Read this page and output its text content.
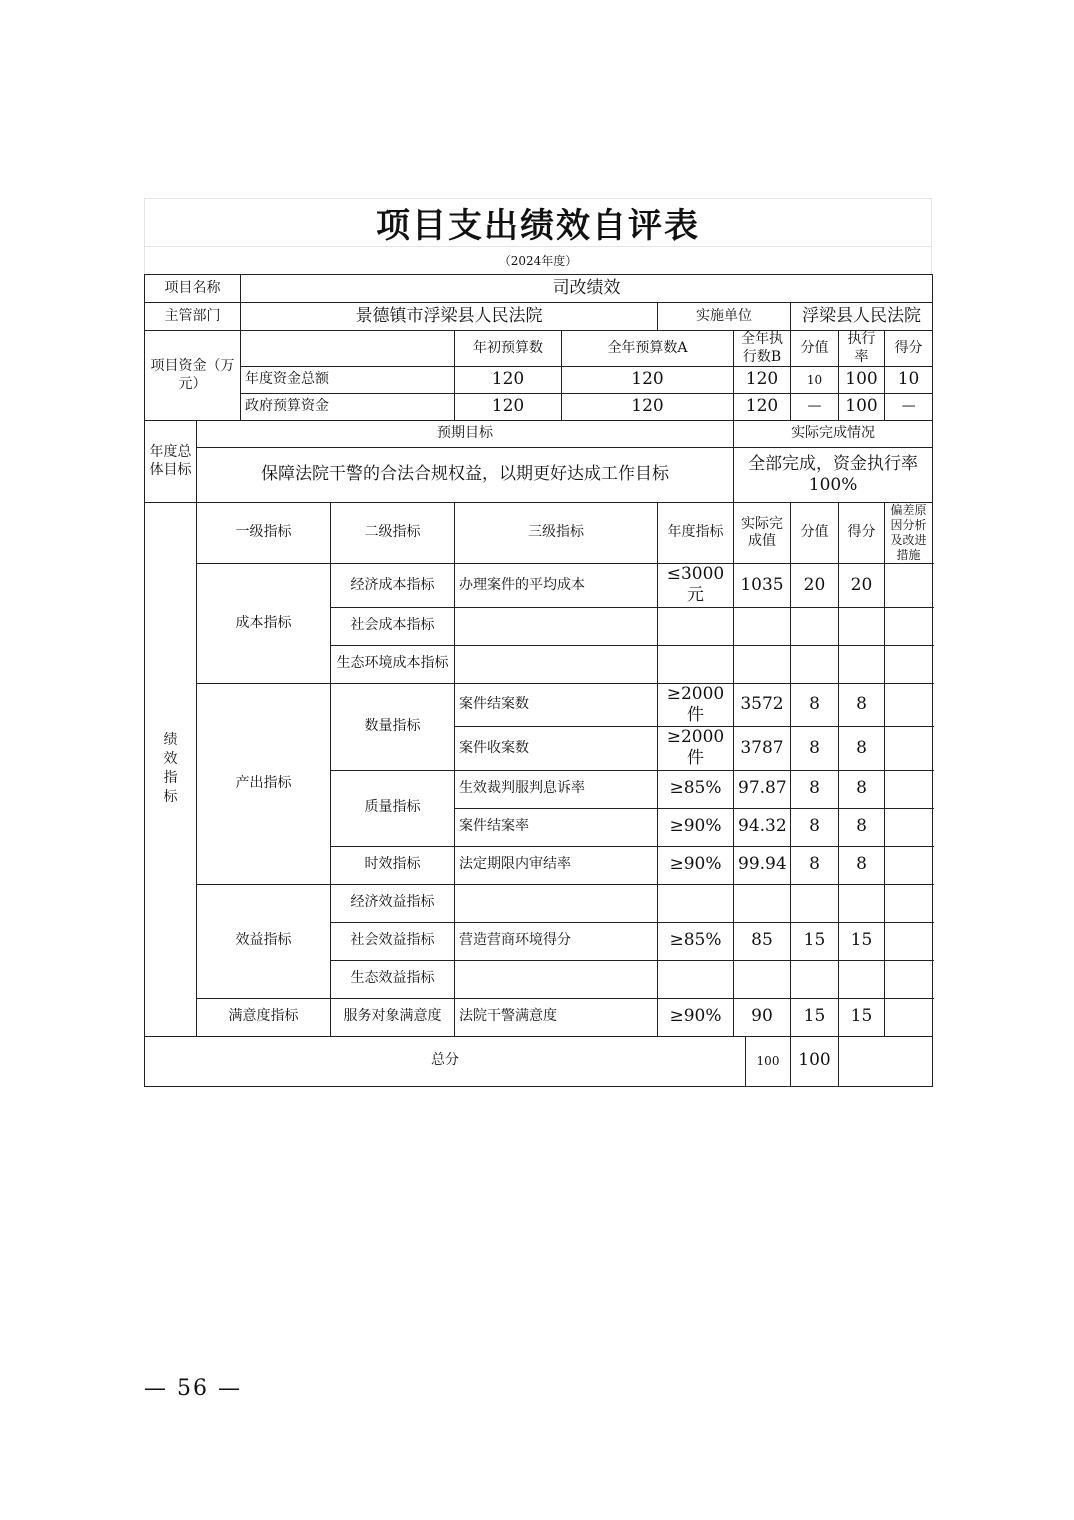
项目支出绩效自评表
（2024年度）
项目名称		司改绩效									
主管部门		景德镇市浮梁县人民法院				实施单位			浮梁县人民法院		
项目资金（万元）				年初预算数	全年预算数A		全年执行数B		分值	执行率	得分
		年度资金总额		120	120		120		10	100	10
		政府预算资金		120	120		120		—	100	—
年度总体目标	预期目标						实际完成情况				
	保障法院干警的合法合规权益，以期更好达成工作目标						全部完成，资金执行率100%				
绩效指标	一级指标		二级指标	三级指标		年度指标	实际完成值		分值	得分	偏差原因分析及改进措施
	成本指标		经济成本指标	办理案件的平均成本		≤3000元	1035		20	20	
			社会成本指标								
			生态环境成本指标								
	产出指标		数量指标	案件结案数		≥2000件	3572		8	8	
				案件收案数		≥2000件	3787		8	8	
			质量指标	生效裁判服判息诉率		≥85%	97.87		8	8	
				案件结案率		≥90%	94.32		8	8	
			时效指标	法定期限内审结率		≥90%	99.94		8	8	
	效益指标		经济效益指标								
			社会效益指标	营造营商环境得分		≥85%	85		15	15	
			生态效益指标								
	满意度指标		服务对象满意度	法院干警满意度		≥90%	90		15	15	
总分								100	100		
— 56 —
